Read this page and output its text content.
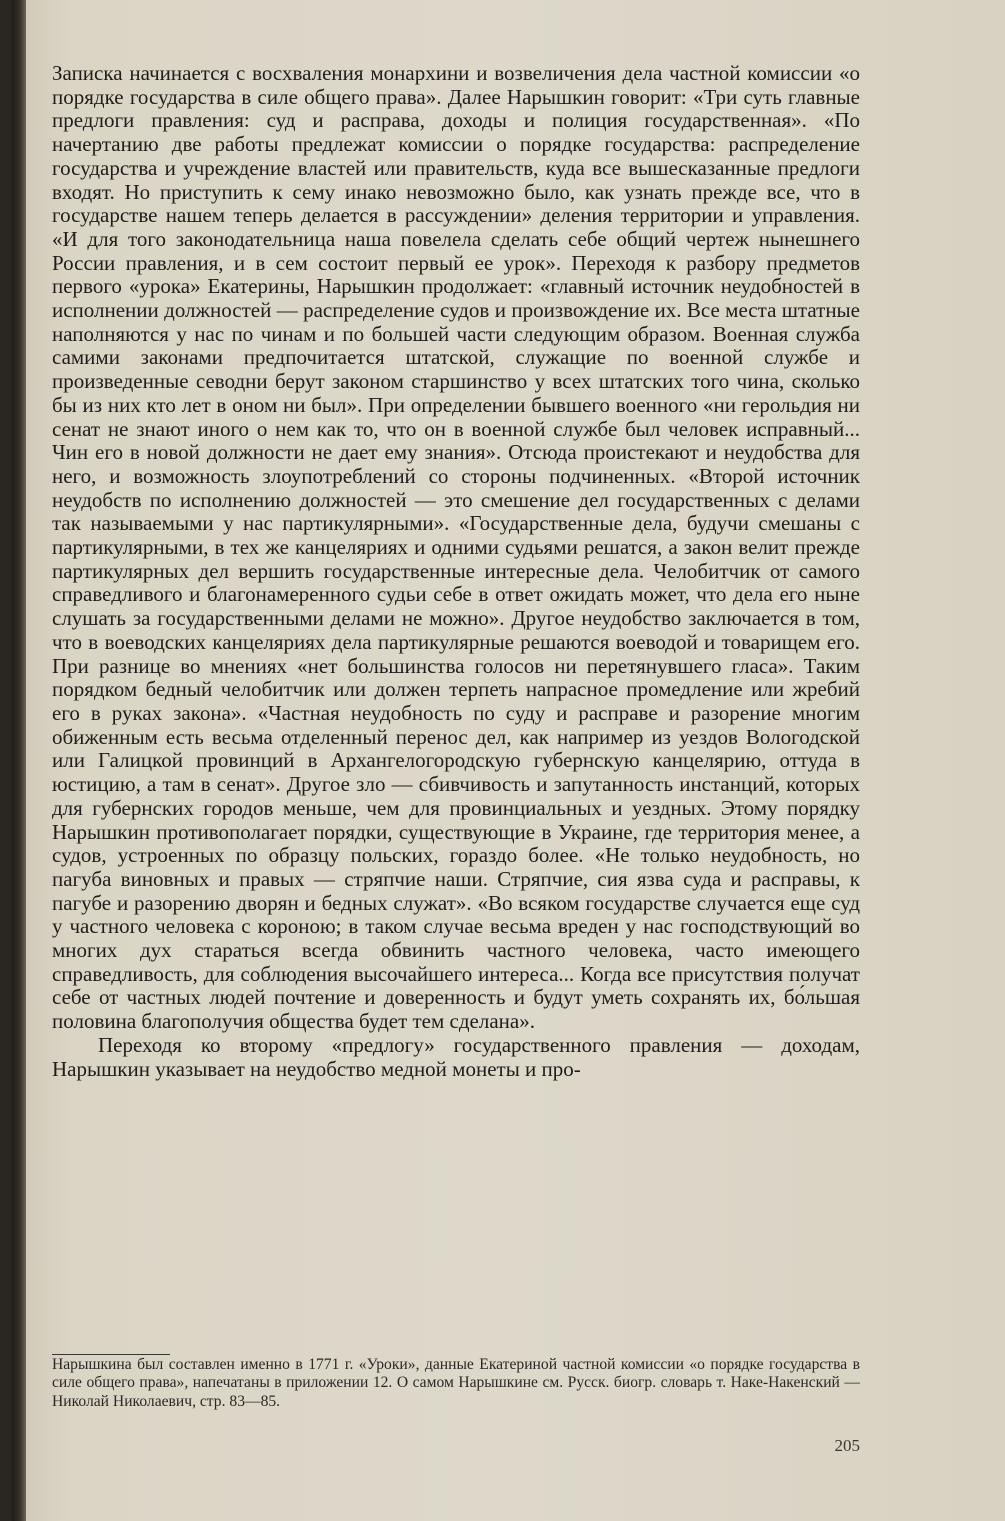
Записка начинается с восхваления монархини и возвеличения дела частной комиссии «о порядке государства в силе общего права». Далее Нарышкин говорит: «Три суть главные предлоги правления: суд и расправа, доходы и полиция государственная». «По начертанию две работы предлежат комиссии о порядке государства: распределение государства и учреждение властей или правительств, куда все вышесказанные предлоги входят. Но приступить к сему инако невозможно было, как узнать прежде все, что в государстве нашем теперь делается в рассуждении» деления территории и управления. «И для того законодательница наша повелела сделать себе общий чертеж нынешнего России правления, и в сем состоит первый ее урок». Переходя к разбору предметов первого «урока» Екатерины, Нарышкин продолжает: «главный источник неудобностей в исполнении должностей — распределение судов и произвождение их. Все места штатные наполняются у нас по чинам и по большей части следующим образом. Военная служба самими законами предпочитается штатской, служащие по военной службе и произведенные севодни берут законом старшинство у всех штатских того чина, сколько бы из них кто лет в оном ни был». При определении бывшего военного «ни герольдия ни сенат не знают иного о нем как то, что он в военной службе был человек исправный... Чин его в новой должности не дает ему знания». Отсюда проистекают и неудобства для него, и возможность злоупотреблений со стороны подчиненных. «Второй источник неудобств по исполнению должностей — это смешение дел государственных с делами так называемыми у нас партикулярными». «Государственные дела, будучи смешаны с партикулярными, в тех же канцеляриях и одними судьями решатся, а закон велит прежде партикулярных дел вершить государственные интересные дела. Челобитчик от самого справедливого и благонамеренного судьи себе в ответ ожидать может, что дела его ныне слушать за государственными делами не можно». Другое неудобство заключается в том, что в воеводских канцеляриях дела партикулярные решаются воеводой и товарищем его. При разнице во мнениях «нет большинства голосов ни перетянувшего гласа». Таким порядком бедный челобитчик или должен терпеть напрасное промедление или жребий его в руках закона». «Частная неудобность по суду и расправе и разорение многим обиженным есть весьма отделенный перенос дел, как например из уездов Вологодской или Галицкой провинций в Архангелогородскую губернскую канцелярию, оттуда в юстицию, а там в сенат». Другое зло — сбивчивость и запутанность инстанций, которых для губернских городов меньше, чем для провинциальных и уездных. Этому порядку Нарышкин противополагает порядки, существующие в Украине, где территория менее, а судов, устроенных по образцу польских, гораздо более. «Не только неудобность, но пагуба виновных и правых — стряпчие наши. Стряпчие, сия язва суда и расправы, к пагубе и разорению дворян и бедных служат». «Во всяком государстве случается еще суд у частного человека с короною; в таком случае весьма вреден у нас господствующий во многих дух стараться всегда обвинить частного человека, часто имеющего справедливость, для соблюдения высочайшего интереса... Когда все присутствия получат себе от частных людей почтение и доверенность и будут уметь сохранять их, бо́льшая половина благополучия общества будет тем сделана».

Переходя ко второму «предлогу» государственного правления — доходам, Нарышкин указывает на неудобство медной монеты и про-

Нарышкина был составлен именно в 1771 г. «Уроки», данные Екатериной частной комиссии «о порядке государства в силе общего права», напечатаны в приложении 12. О самом Нарышкине см. Русск. биогр. словарь т. Наке-Накенский — Николай Николаевич, стр. 83—85.

205
